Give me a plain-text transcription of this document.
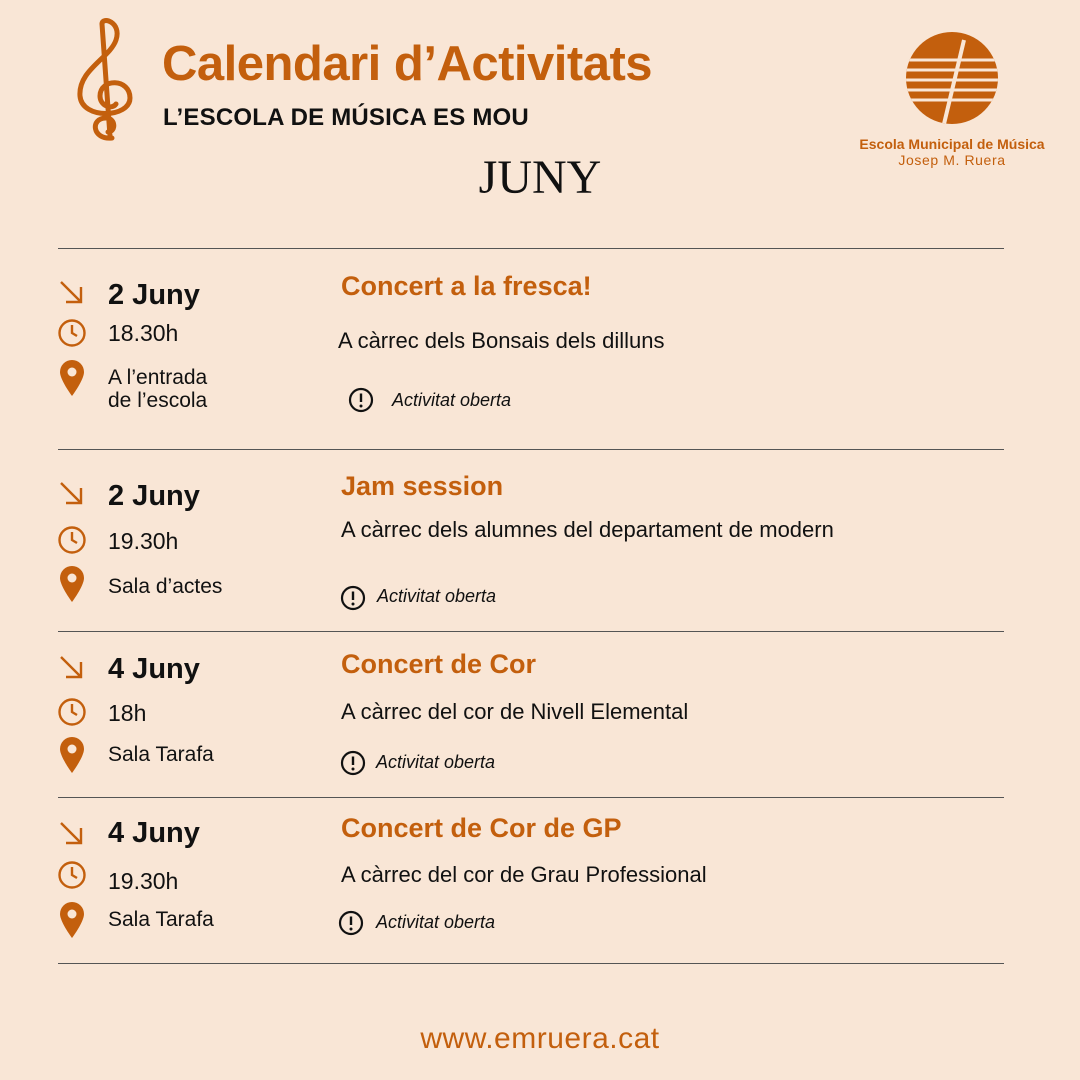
Calendari d’Activitats
L’ESCOLA DE MÚSICA ES MOU
JUNY
Escola Municipal de Música
Josep M. Ruera
2 Juny
18.30h
A l’entrada
de l’escola
Concert a la fresca!
A càrrec dels Bonsais dels dilluns
Activitat oberta
2 Juny
19.30h
Sala d’actes
Jam session
A càrrec dels alumnes del departament de modern
Activitat oberta
4 Juny
18h
Sala Tarafa
Concert de Cor
A càrrec del cor de Nivell Elemental
Activitat oberta
4 Juny
19.30h
Sala Tarafa
Concert de Cor de GP
A càrrec del cor de Grau Professional
Activitat oberta
www.emruera.cat
